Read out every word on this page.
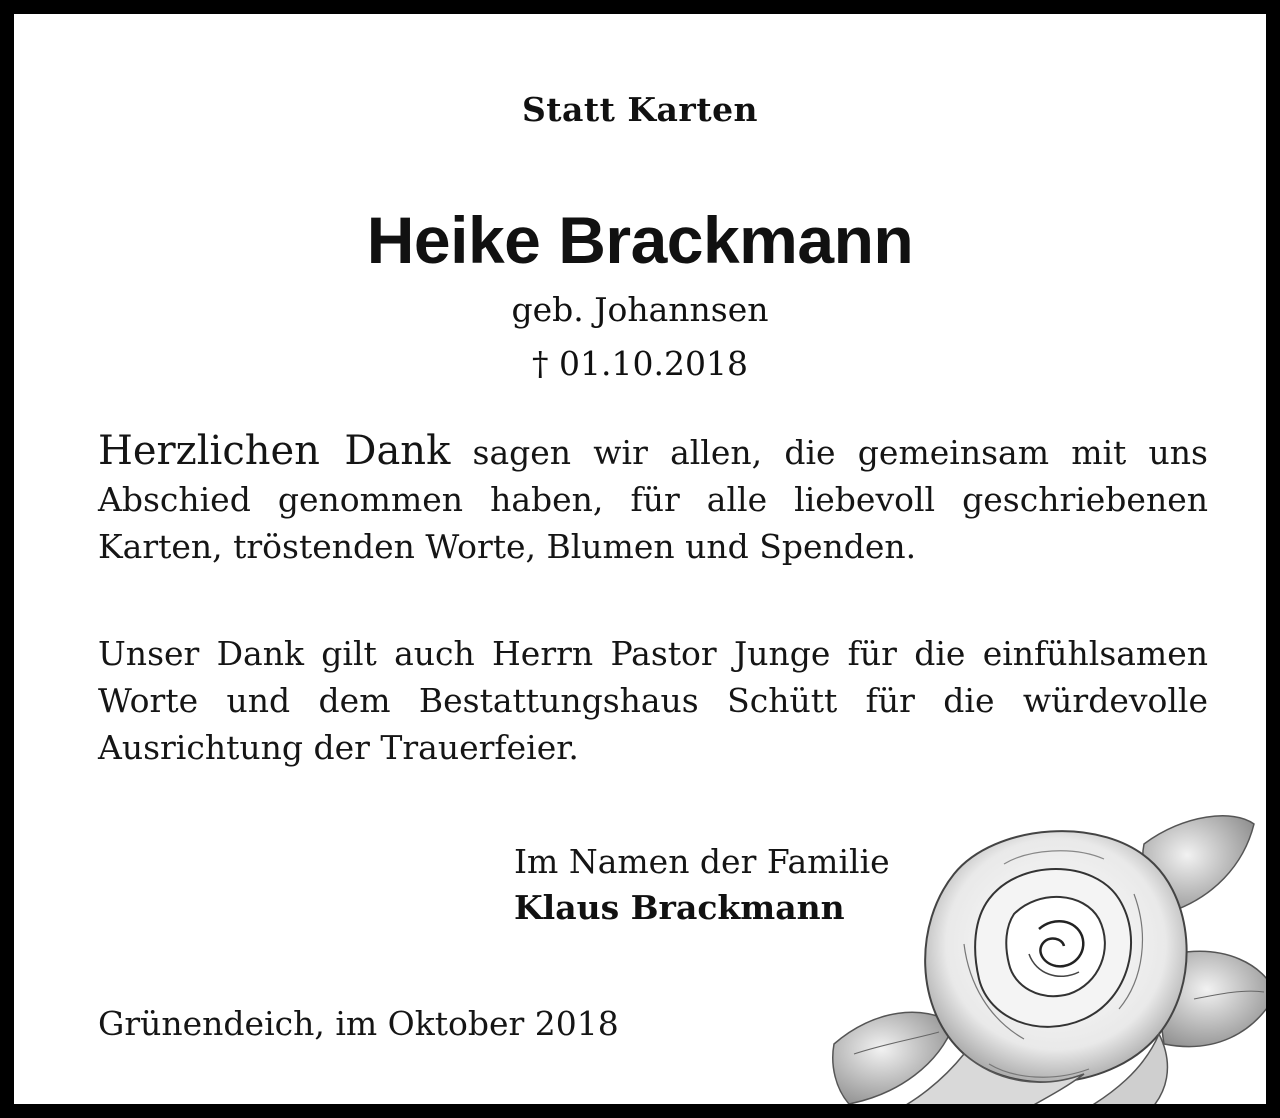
Statt Karten
Heike Brackmann
geb. Johannsen
† 01.10.2018
Herzlichen Dank sagen wir allen, die gemeinsam mit uns Abschied genommen haben, für alle liebevoll geschriebenen Karten, tröstenden Worte, Blumen und Spenden.
Unser Dank gilt auch Herrn Pastor Junge für die einfühlsamen Worte und dem Bestattungshaus Schütt für die würdevolle Ausrichtung der Trauerfeier.
Im Namen der Familie
Klaus Brackmann
Grünendeich, im Oktober 2018
